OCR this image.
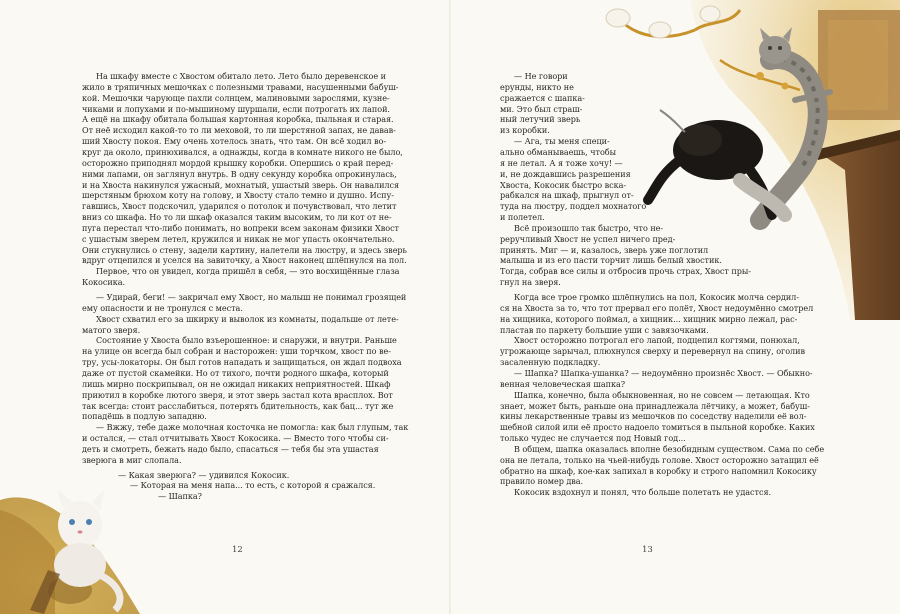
На шкафу вместе с Хвостом обитало лето. Лето было деревенское и
жило в тряпичных мешочках с полезными травами, насушенными бабуш-
кой. Мешочки чарующе пахли солнцем, малиновыми зарослями, кузне-
чиками и лопухами и по-мышиному шуршали, если потрогать их лапой.
А ещё на шкафу обитала большая картонная коробка, пыльная и старая.
От неё исходил какой-то то ли меховой, то ли шерстяной запах, не давав-
ший Хвосту покоя. Ему очень хотелось знать, что там. Он всё ходил во-
круг да около, принюхивался, а однажды, когда в комнате никого не было,
осторожно приподнял мордой крышку коробки. Опершись о край перед-
ними лапами, он заглянул внутрь. В одну секунду коробка опрокинулась,
и на Хвоста накинулся ужасный, мохнатый, ушастый зверь. Он навалился
шерстяным брюхом коту на голову, и Хвосту стало темно и душно. Испу-
гавшись, Хвост подскочил, ударился о потолок и почувствовал, что летит
вниз со шкафа. Но то ли шкаф оказался таким высоким, то ли кот от не-
пуга перестал что-либо понимать, но вопреки всем законам физики Хвост
с ушастым зверем летел, кружился и никак не мог упасть окончательно.
Они стукнулись о стену, задели картину, налетели на люстру, и здесь зверь
вдруг отцепился и уселся на завиточку, а Хвост наконец шлёпнулся на пол.
Первое, что он увидел, когда пришёл в себя, — это восхищённые глаза
Кокосика.
— Удирай, беги! — закричал ему Хвост, но малыш не понимал грозящей
ему опасности и не тронулся с места.
Хвост схватил его за шкирку и выволок из комнаты, подальше от лете-
матого зверя.
Состояние у Хвоста было взъерошенное: и снаружи, и внутри. Раньше
на улице он всегда был собран и насторожен: уши торчком, хвост по ве-
тру, усы-локаторы. Он был готов нападать и защищаться, он ждал подвоха
даже от пустой скамейки. Но от тихого, почти родного шкафа, который
лишь мирно поскрипывал, он не ожидал никаких неприятностей. Шкаф
приютил в коробке лютого зверя, и этот зверь застал кота врасплох. Вот
так всегда: стоит расслабиться, потерять бдительность, как бац... тут же
попадёшь в подлую западню.
— Вжжу, тебе даже молочная косточка не помогла: как был глупым, так
и остался, — стал отчитывать Хвост Кокосика. — Вместо того чтобы си-
деть и смотреть, бежать надо было, спасаться — тебя бы эта ушастая
зверюга в миг слопала.
— Какая зверюга? — удивился Кокосик.
— Которая на меня напа... то есть, с которой я сражался.
— Шапка?
12
— Не говори
ерунды, никто не
сражается с шапка-
ми. Это был страш-
ный летучий зверь
из коробки.
— Ага, ты меня специ-
ально обманываешь, чтобы
я не летал. А я тоже хочу! —
и, не дождавшись разрешения
Хвоста, Кокосик быстро вска-
рабкался на шкаф, прыгнул от-
туда на люстру, поддел мохнатого
и полетел.
Всё произошло так быстро, что не-
реручливый Хвост не успел ничего пред-
принять. Миг — и, казалось, зверь уже поглотил
малыша и из его пасти торчит лишь белый хвостик.
Тогда, собрав все силы и отбросив прочь страх, Хвост пры-
гнул на зверя.
Когда все трое громко шлёпнулись на пол, Кокосик молча сердил-
ся на Хвоста за то, что тот прервал его полёт, Хвост недоумённо смотрел
на хищника, которого поймал, а хищник... хищник мирно лежал, рас-
пластав по паркету большие уши с завязочками.
Хвост осторожно потрогал его лапой, подцепил когтями, понюхал,
угрожающе зарычал, плюхнулся сверху и перевернул на спину, оголив
засаленную подкладку.
— Шапка? Шапка-ушанка? — недоумённо произнёс Хвост. — Обыкно-
венная человеческая шапка?
Шапка, конечно, была обыкновенная, но не совсем — летающая. Кто
знает, может быть, раньше она принадлежала лётчику, а может, бабуш-
кины лекарственные травы из мешочков по соседству наделили её вол-
шебной силой или её просто надоело томиться в пыльной коробке. Каких
только чудес не случается под Новый год...
В общем, шапка оказалась вполне безобидным существом. Сама по себе
она не летала, только на чьей-нибудь голове. Хвост осторожно затащил её
обратно на шкаф, кое-как запихал в коробку и строго напомнил Кокосику
правило номер два.
Кокосик вздохнул и понял, что больше полетать не удастся.
13
